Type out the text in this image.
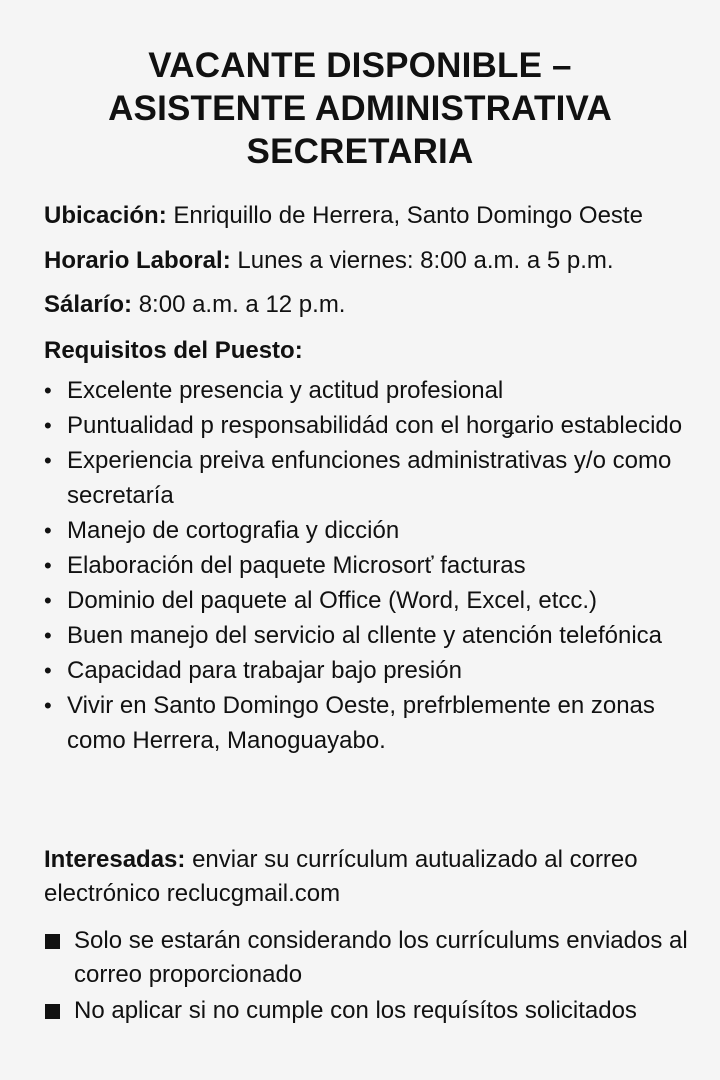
VACANTE DISPONIBLE –
ASISTENTE ADMINISTRATIVA
SECRETARIA
Ubicación: Enriquillo de Herrera, Santo Domingo Oeste
Horario Laboral: Lunes a viernes: 8:00 a.m. a 5 p.m.
Sálarío: 8:00 a.m. a 12 p.m.
Requisitos del Puesto:
• Excelente presencia y actitud profesional
• Puntualidad p responsabilidád con el horǥario establecido
• Experiencia preiva enfunciones administrativas y/o como secretaría
• Manejo de cortografia y dicción
• Elaboración del paquete Microsorť facturas
• Dominio del paquete al Office (Word, Excel, etcc.)
• Buen manejo del servicio al cllente y atención telefónica
• Capacidad para trabajar bajo presión
• Vivir en Santo Domingo Oeste, prefrblemente en zonas como Herrera, Manoguayabo.
Interesadas: enviar su currículum autualizado al correo electrónico reclucgmail.com
Solo se estarán considerando los currículums enviados al correo proporcionado
No aplicar si no cumple con los requísítos solicitados
